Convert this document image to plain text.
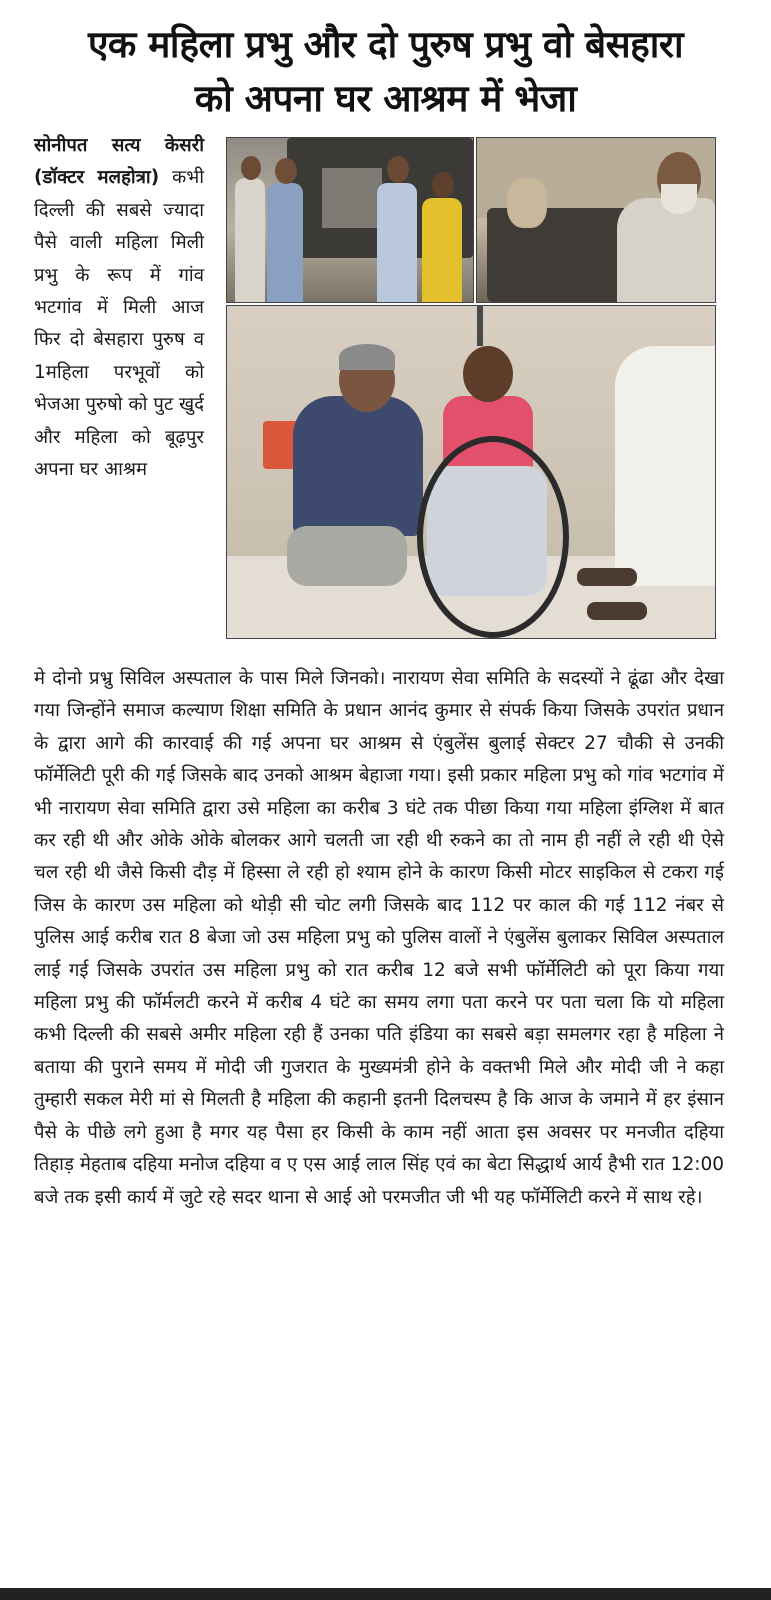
एक महिला प्रभु और दो पुरुष प्रभु वो बेसहारा
को अपना घर आश्रम में भेजा
सोनीपत सत्य केसरी (डॉक्टर मलहोत्रा) कभी दिल्ली की सबसे ज्यादा पैसे वाली महिला मिली प्रभु के रूप में गांव भटगांव में मिली आज फिर दो बेसहारा पुरुष व 1महिला परभूवों को भेजआ पुरुषो को पुट खुर्द और महिला को बूढ़पुर अपना घर आश्रम
मे दोनो प्रभ्रु सिविल अस्पताल के पास मिले जिनको। नारायण सेवा समिति के सदस्यों ने ढूंढा और देखा गया जिन्होंने समाज कल्याण शिक्षा समिति के प्रधान आनंद कुमार से संपर्क किया जिसके उपरांत प्रधान के द्वारा आगे की कारवाई की गई अपना घर आश्रम से एंबुलेंस बुलाई सेक्टर 27 चौकी से उनकी फॉर्मेलिटी पूरी की गई जिसके बाद उनको आश्रम बेहाजा गया। इसी प्रकार महिला प्रभु को गांव भटगांव में भी नारायण सेवा समिति द्वारा उसे महिला का करीब 3 घंटे तक पीछा किया गया महिला इंग्लिश में बात कर रही थी और ओके ओके बोलकर आगे चलती जा रही थी रुकने का तो नाम ही नहीं ले रही थी ऐसे चल रही थी जैसे किसी दौड़ में हिस्सा ले रही हो श्याम होने के कारण किसी मोटर साइकिल से टकरा गई जिस के कारण उस महिला को थोड़ी सी चोट लगी जिसके बाद 112 पर काल की गई 112 नंबर से पुलिस आई करीब रात 8 बेजा जो उस महिला प्रभु को पुलिस वालों ने एंबुलेंस बुलाकर सिविल अस्पताल लाई गई जिसके उपरांत उस महिला प्रभु को रात करीब 12 बजे सभी फॉर्मेलिटी को पूरा किया गया महिला प्रभु की फॉर्मलटी करने में करीब 4 घंटे का समय लगा पता करने पर पता चला कि यो महिला कभी दिल्ली की सबसे अमीर महिला रही हैं उनका पति इंडिया का सबसे बड़ा समलगर रहा है महिला ने बताया की पुराने समय में मोदी जी गुजरात के मुख्यमंत्री होने के वक्तभी मिले और मोदी जी ने कहा तुम्हारी सकल मेरी मां से मिलती है महिला की कहानी इतनी दिलचस्प है कि आज के जमाने में हर इंसान पैसे के पीछे लगे हुआ है मगर यह पैसा हर किसी के काम नहीं आता इस अवसर पर मनजीत दहिया तिहाड़ मेहताब दहिया मनोज दहिया व ए एस आई लाल सिंह एवं का बेटा सिद्धार्थ आर्य हैभी रात 12:00 बजे तक इसी कार्य में जुटे रहे सदर थाना से आई ओ परमजीत जी भी यह फॉर्मेलिटी करने में साथ रहे।
